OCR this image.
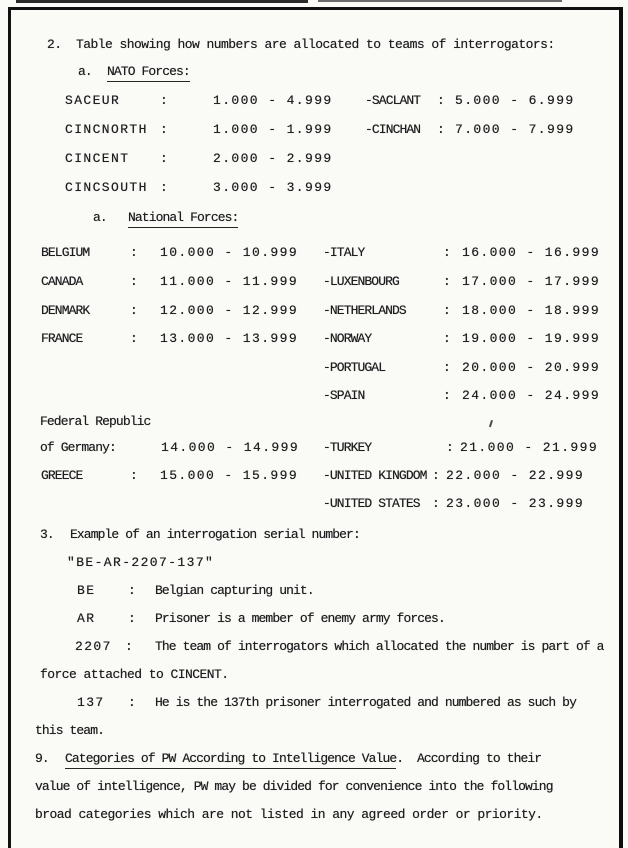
2.  Table showing how numbers are allocated to teams of interrogators:
a. NATO Forces:
SACEUR	:	1.000 - 4.999 -SACLANT : 5.000 - 6.999
CINCNORTH :	1.000 - 1.999 -CINCHAN : 7.000 - 7.999
CINCENT :	2.000 - 2.999
CINCSOUTH :	3.000 - 3.999
a. National Forces:
BELGIUM	: 10.000 - 10.999 -ITALY	: 16.000 - 16.999
CANADA	: 11.000 - 11.999 -LUXENBOURG	: 17.000 - 17.999
DENMARK	: 12.000 - 12.999 -NETHERLANDS	: 18.000 - 18.999
FRANCE	: 13.000 - 13.999 -NORWAY	: 19.000 - 19.999
-PORTUGAL	: 20.000 - 20.999
-SPAIN	: 24.000 - 24.999
Federal Republic
of Germany:	14.000 - 14.999 -TURKEY	: 21.000 - 21.999
GREECE	: 15.000 - 15.999 -UNITED KINGDOM : 22.000 - 22.999
-UNITED STATES : 23.000 - 23.999
3. Example of an interrogation serial number:
"BE-AR-2207-137"
BE	: Belgian capturing unit.
AR	: Prisoner is a member of enemy army forces.
2207 : The team of interrogators which allocated the number is part of a
force attached to CINCENT.
137 : He is the 137th prisoner interrogated and numbered as such by
this team.
9. Categories of PW According to Intelligence Value.  According to their
value of intelligence, PW may be divided for convenience into the following
broad categories which are not listed in any agreed order or priority.
